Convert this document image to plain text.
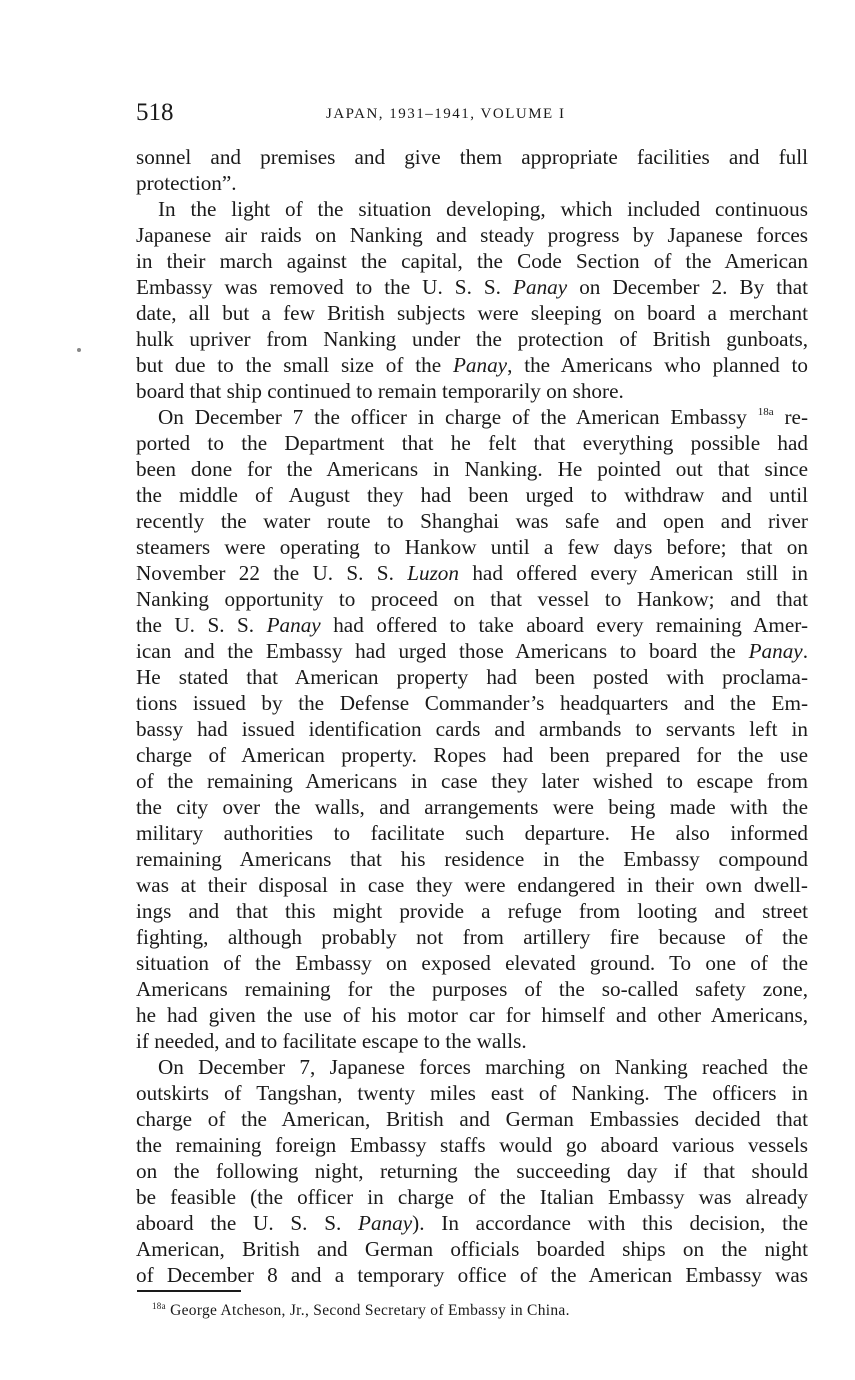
518	JAPAN, 1931–1941, VOLUME I
sonnel and premises and give them appropriate facilities and full
protection”.
In the light of the situation developing, which included continuous
Japanese air raids on Nanking and steady progress by Japanese forces
in their march against the capital, the Code Section of the American
Embassy was removed to the U. S. S. Panay on December 2. By that
date, all but a few British subjects were sleeping on board a merchant
hulk upriver from Nanking under the protection of British gunboats,
but due to the small size of the Panay, the Americans who planned to
board that ship continued to remain temporarily on shore.
On December 7 the officer in charge of the American Embassy $^{18a}$ re-
ported to the Department that he felt that everything possible had
been done for the Americans in Nanking. He pointed out that since
the middle of August they had been urged to withdraw and until
recently the water route to Shanghai was safe and open and river
steamers were operating to Hankow until a few days before; that on
November 22 the U. S. S. Luzon had offered every American still in
Nanking opportunity to proceed on that vessel to Hankow; and that
the U. S. S. Panay had offered to take aboard every remaining Amer-
ican and the Embassy had urged those Americans to board the Panay.
He stated that American property had been posted with proclama-
tions issued by the Defense Commander’s headquarters and the Em-
bassy had issued identification cards and armbands to servants left in
charge of American property. Ropes had been prepared for the use
of the remaining Americans in case they later wished to escape from
the city over the walls, and arrangements were being made with the
military authorities to facilitate such departure. He also informed
remaining Americans that his residence in the Embassy compound
was at their disposal in case they were endangered in their own dwell-
ings and that this might provide a refuge from looting and street
fighting, although probably not from artillery fire because of the
situation of the Embassy on exposed elevated ground. To one of the
Americans remaining for the purposes of the so-called safety zone,
he had given the use of his motor car for himself and other Americans,
if needed, and to facilitate escape to the walls.
On December 7, Japanese forces marching on Nanking reached the
outskirts of Tangshan, twenty miles east of Nanking. The officers in
charge of the American, British and German Embassies decided that
the remaining foreign Embassy staffs would go aboard various vessels
on the following night, returning the succeeding day if that should
be feasible (the officer in charge of the Italian Embassy was already
aboard the U. S. S. Panay). In accordance with this decision, the
American, British and German officials boarded ships on the night
of December 8 and a temporary office of the American Embassy was
$^{18a}$ George Atcheson, Jr., Second Secretary of Embassy in China.
